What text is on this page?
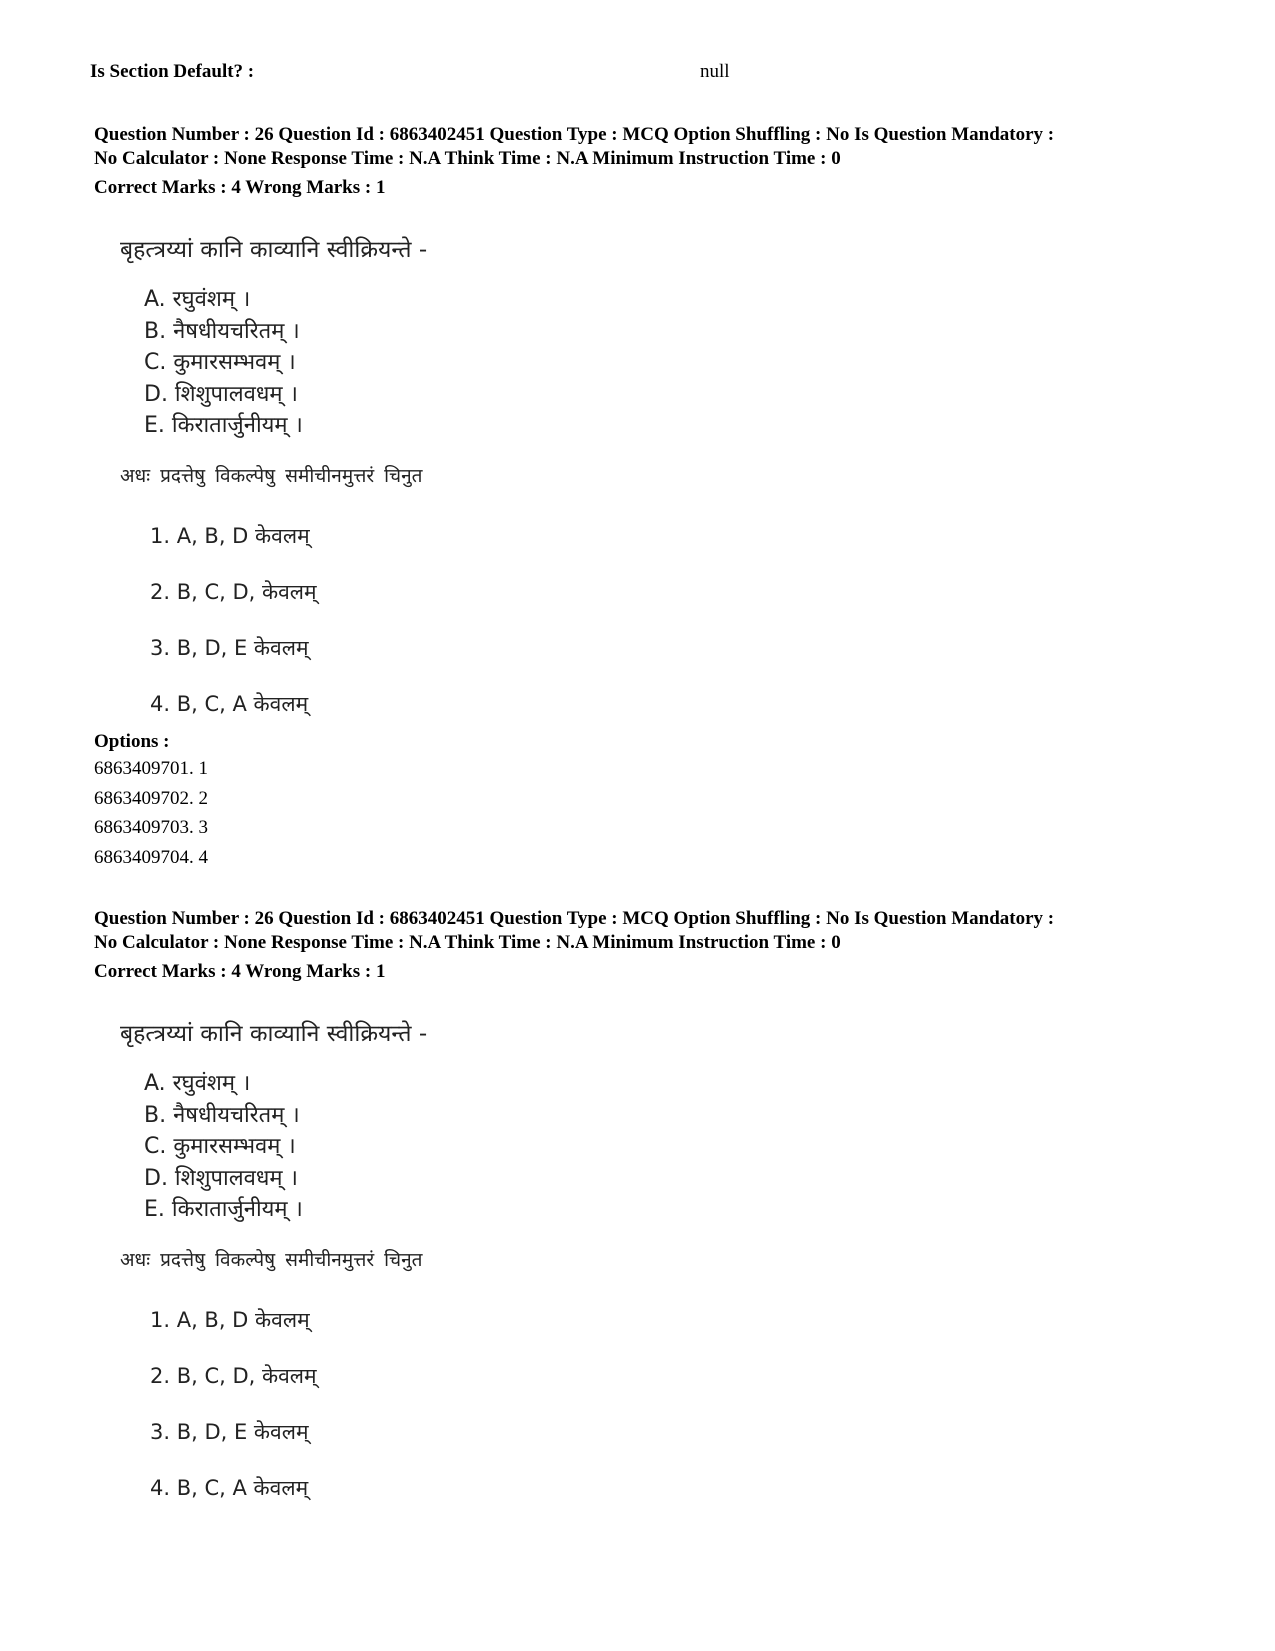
Is Section Default? :	null
Question Number : 26 Question Id : 6863402451 Question Type : MCQ Option Shuffling : No Is Question Mandatory :
No Calculator : None Response Time : N.A Think Time : N.A Minimum Instruction Time : 0
Correct Marks : 4 Wrong Marks : 1
बृहत्त्रय्यां कानि काव्यानि स्वीक्रियन्ते -
A. रघुवंशम् ।
B. नैषधीयचरितम् ।
C. कुमारसम्भवम् ।
D. शिशुपालवधम् ।
E. किरातार्जुनीयम् ।
अधः प्रदत्तेषु विकल्पेषु समीचीनमुत्तरं चिनुत
1. A, B, D केवलम्
2. B, C, D, केवलम्
3. B, D, E केवलम्
4. B, C, A केवलम्
Options :
6863409701. 1
6863409702. 2
6863409703. 3
6863409704. 4
Question Number : 26 Question Id : 6863402451 Question Type : MCQ Option Shuffling : No Is Question Mandatory :
No Calculator : None Response Time : N.A Think Time : N.A Minimum Instruction Time : 0
Correct Marks : 4 Wrong Marks : 1
बृहत्त्रय्यां कानि काव्यानि स्वीक्रियन्ते -
A. रघुवंशम् ।
B. नैषधीयचरितम् ।
C. कुमारसम्भवम् ।
D. शिशुपालवधम् ।
E. किरातार्जुनीयम् ।
अधः प्रदत्तेषु विकल्पेषु समीचीनमुत्तरं चिनुत
1. A, B, D केवलम्
2. B, C, D, केवलम्
3. B, D, E केवलम्
4. B, C, A केवलम्
